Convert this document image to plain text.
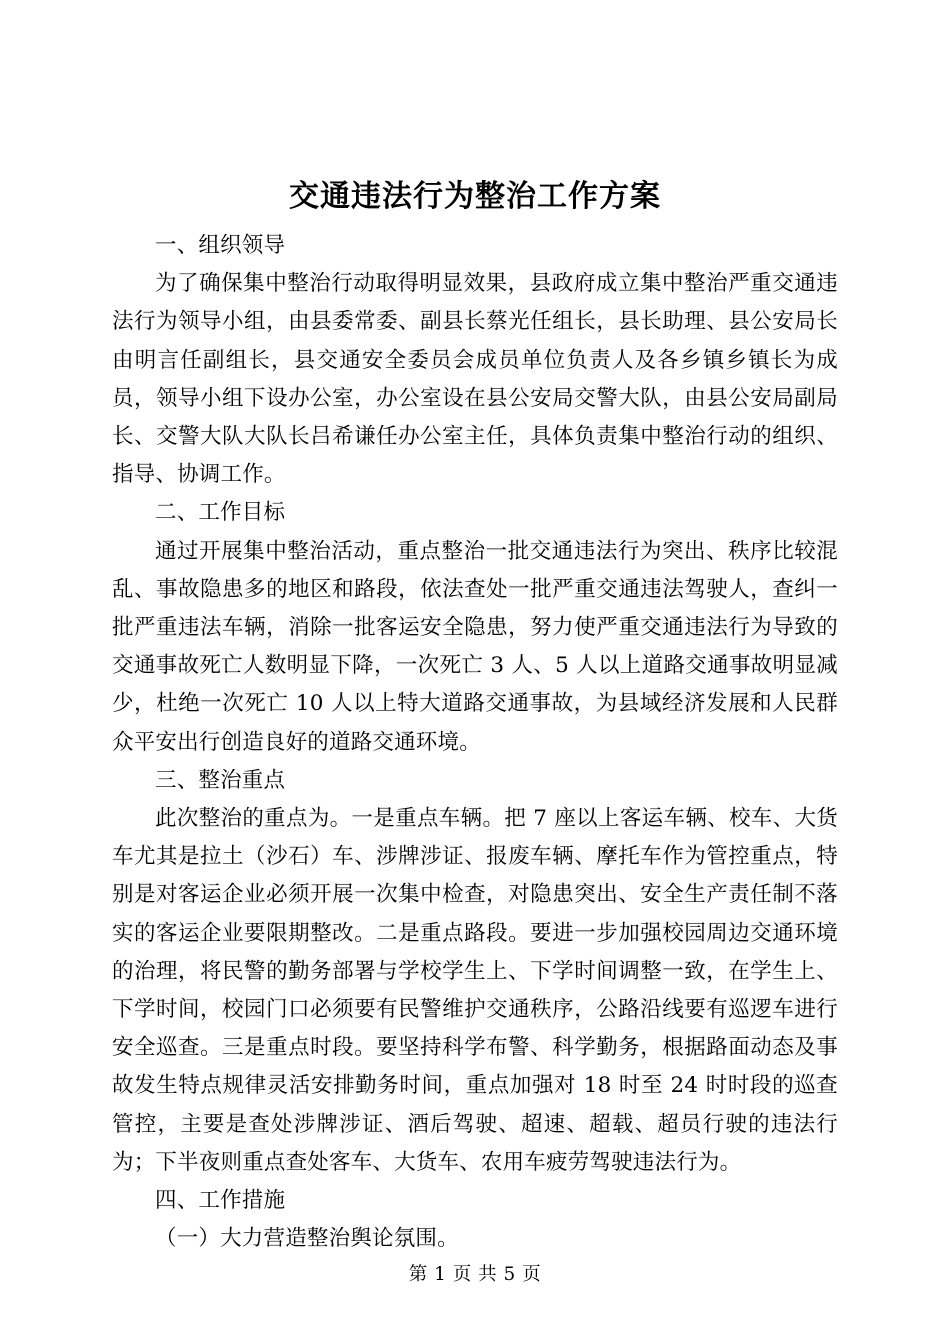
交通违法行为整治工作方案

一、组织领导

为了确保集中整治行动取得明显效果，县政府成立集中整治严重交通违法行为领导小组，由县委常委、副县长蔡光任组长，县长助理、县公安局长由明言任副组长，县交通安全委员会成员单位负责人及各乡镇乡镇长为成员，领导小组下设办公室，办公室设在县公安局交警大队，由县公安局副局长、交警大队大队长吕希谦任办公室主任，具体负责集中整治行动的组织、指导、协调工作。

二、工作目标

通过开展集中整治活动，重点整治一批交通违法行为突出、秩序比较混乱、事故隐患多的地区和路段，依法查处一批严重交通违法驾驶人，查纠一批严重违法车辆，消除一批客运安全隐患，努力使严重交通违法行为导致的交通事故死亡人数明显下降，一次死亡 3 人、5 人以上道路交通事故明显减少，杜绝一次死亡 10 人以上特大道路交通事故，为县域经济发展和人民群众平安出行创造良好的道路交通环境。

三、整治重点

此次整治的重点为。一是重点车辆。把 7 座以上客运车辆、校车、大货车尤其是拉土（沙石）车、涉牌涉证、报废车辆、摩托车作为管控重点，特别是对客运企业必须开展一次集中检查，对隐患突出、安全生产责任制不落实的客运企业要限期整改。二是重点路段。要进一步加强校园周边交通环境的治理，将民警的勤务部署与学校学生上、下学时间调整一致，在学生上、下学时间，校园门口必须要有民警维护交通秩序，公路沿线要有巡逻车进行安全巡查。三是重点时段。要坚持科学布警、科学勤务，根据路面动态及事故发生特点规律灵活安排勤务时间，重点加强对 18 时至 24 时时段的巡查管控，主要是查处涉牌涉证、酒后驾驶、超速、超载、超员行驶的违法行为；下半夜则重点查处客车、大货车、农用车疲劳驾驶违法行为。

四、工作措施

（一）大力营造整治舆论氛围。

第 1 页 共 5 页
